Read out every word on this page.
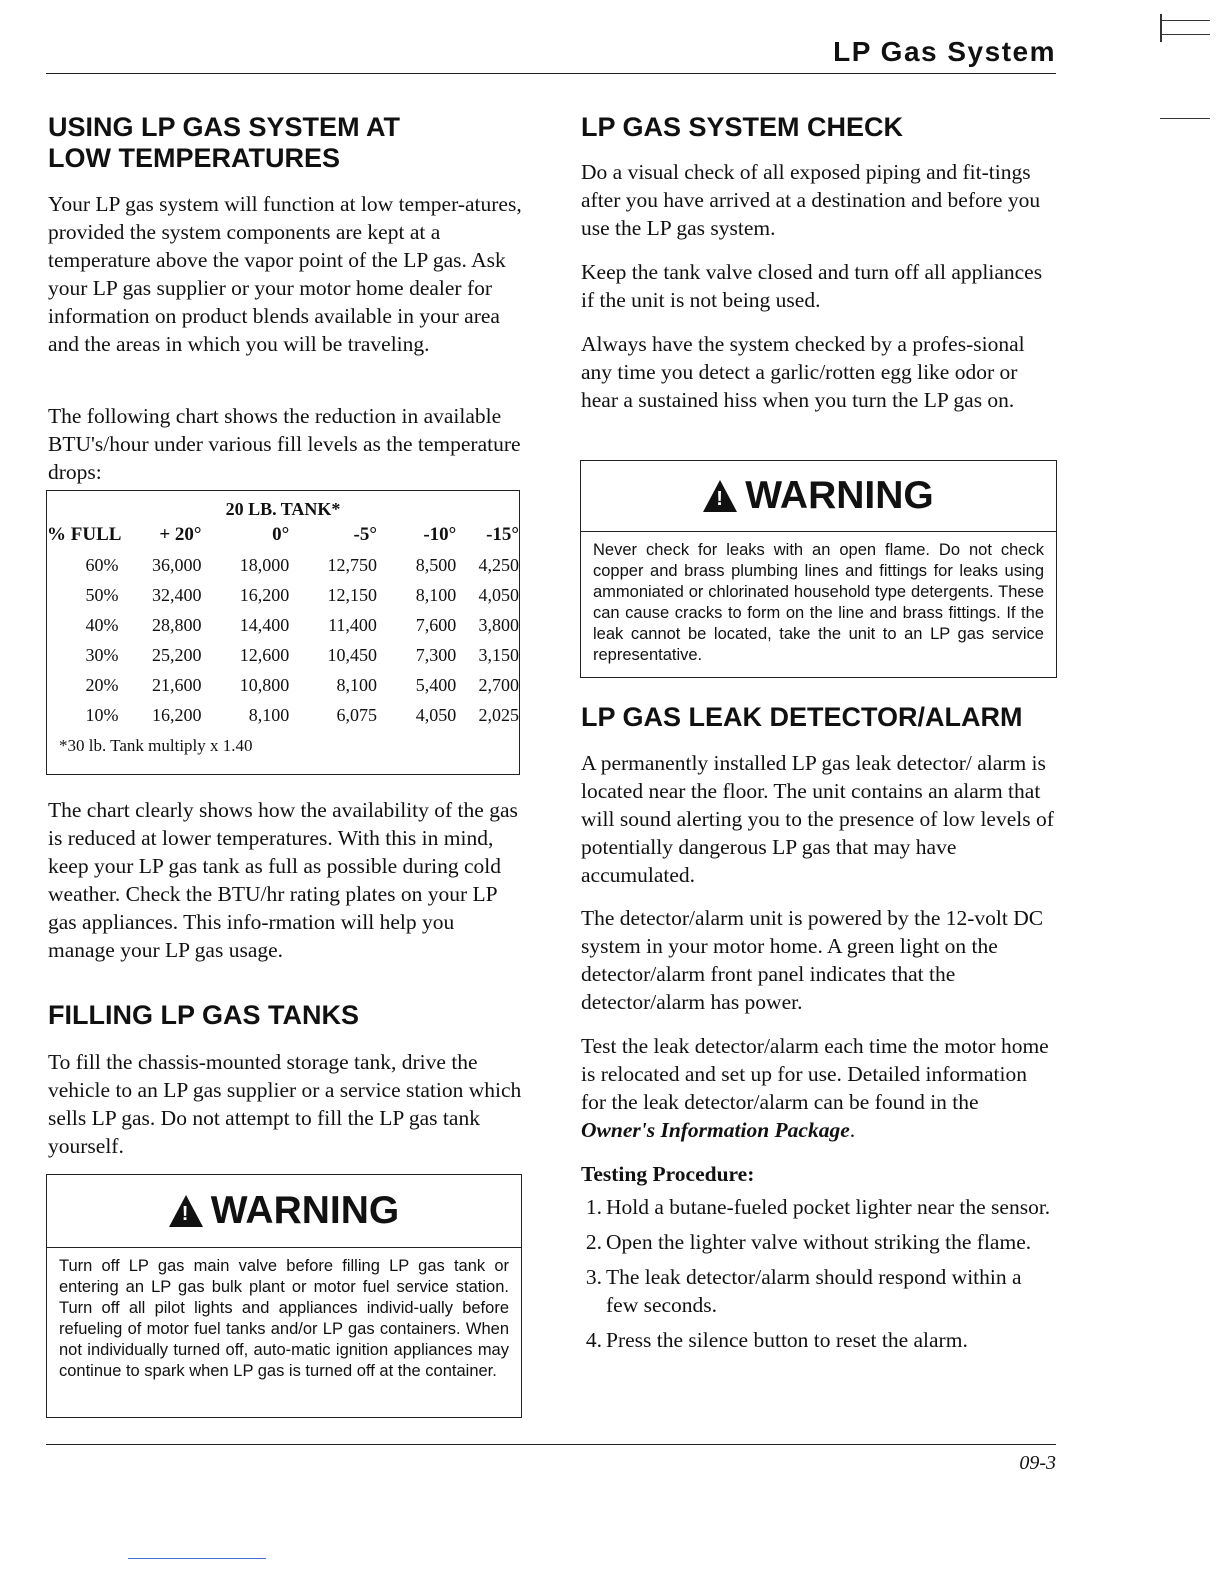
LP Gas System

USING LP GAS SYSTEM AT

LOW TEMPERATURES

Your LP gas system will function at low temper-atures, provided the system components are kept at a temperature above the vapor point of the LP gas. Ask your LP gas supplier or your motor home dealer for information on product blends available in your area and the areas in which you will be traveling.

The following chart shows the reduction in available BTU's/hour under various fill levels as the temperature drops:

20 LB. TANK*
% FULL	+ 20°	0°	-5°	-10°	-15°
60%	36,000	18,000	12,750	8,500	4,250
50%	32,400	16,200	12,150	8,100	4,050
40%	28,800	14,400	11,400	7,600	3,800
30%	25,200	12,600	10,450	7,300	3,150
20%	21,600	10,800	8,100	5,400	2,700
10%	16,200	8,100	6,075	4,050	2,025
*30 lb. Tank multiply x 1.40

The chart clearly shows how the availability of the gas is reduced at lower temperatures. With this in mind, keep your LP gas tank as full as possible during cold weather. Check the BTU/hr rating plates on your LP gas appliances. This info-rmation will help you manage your LP gas usage.

FILLING LP GAS TANKS

To fill the chassis-mounted storage tank, drive the vehicle to an LP gas supplier or a service station which sells LP gas. Do not attempt to fill the LP gas tank yourself.

! WARNING
Turn off LP gas main valve before filling LP gas tank or entering an LP gas bulk plant or motor fuel service station. Turn off all pilot lights and appliances individ-ually before refueling of motor fuel tanks and/or LP gas containers. When not individually turned off, auto-matic ignition appliances may continue to spark when LP gas is turned off at the container.

LP GAS SYSTEM CHECK

Do a visual check of all exposed piping and fit-tings after you have arrived at a destination and before you use the LP gas system.

Keep the tank valve closed and turn off all appliances if the unit is not being used.

Always have the system checked by a profes-sional any time you detect a garlic/rotten egg like odor or hear a sustained hiss when you turn the LP gas on.

! WARNING
Never check for leaks with an open flame. Do not check copper and brass plumbing lines and fittings for leaks using ammoniated or chlorinated household type detergents. These can cause cracks to form on the line and brass fittings. If the leak cannot be located, take the unit to an LP gas service representative.

LP GAS LEAK DETECTOR/ALARM

A permanently installed LP gas leak detector/ alarm is located near the floor. The unit contains an alarm that will sound alerting you to the presence of low levels of potentially dangerous LP gas that may have accumulated.

The detector/alarm unit is powered by the 12-volt DC system in your motor home. A green light on the detector/alarm front panel indicates that the detector/alarm has power.

Test the leak detector/alarm each time the motor home is relocated and set up for use. Detailed information for the leak detector/alarm can be found in the Owner's Information Package.

Testing Procedure:

1. Hold a butane-fueled pocket lighter near the sensor.
2. Open the lighter valve without striking the flame.
3. The leak detector/alarm should respond within a few seconds.
4. Press the silence button to reset the alarm.
09-3
